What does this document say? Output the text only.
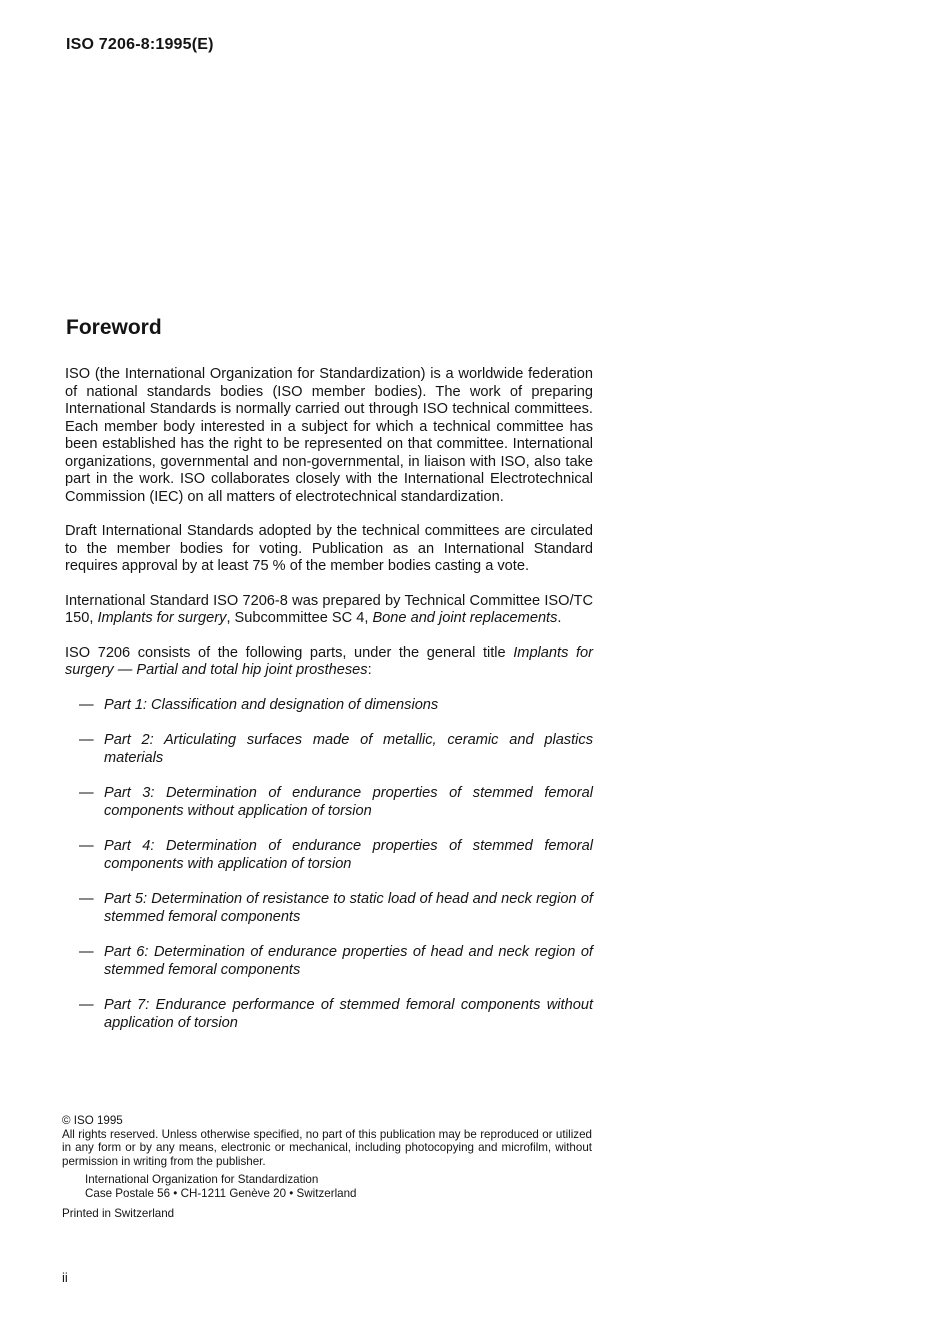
ISO 7206-8:1995(E)
Foreword

ISO (the International Organization for Standardization) is a worldwide federation of national standards bodies (ISO member bodies). The work of preparing International Standards is normally carried out through ISO technical committees. Each member body interested in a subject for which a technical committee has been established has the right to be represented on that committee. International organizations, governmental and non-governmental, in liaison with ISO, also take part in the work. ISO collaborates closely with the International Electrotechnical Commission (IEC) on all matters of electrotechnical standardization.

Draft International Standards adopted by the technical committees are circulated to the member bodies for voting. Publication as an International Standard requires approval by at least 75 % of the member bodies casting a vote.

International Standard ISO 7206-8 was prepared by Technical Committee ISO/TC 150, Implants for surgery, Subcommittee SC 4, Bone and joint replacements.

ISO 7206 consists of the following parts, under the general title Implants for surgery — Partial and total hip joint prostheses:

— Part 1: Classification and designation of dimensions
— Part 2: Articulating surfaces made of metallic, ceramic and plastics materials
— Part 3: Determination of endurance properties of stemmed femoral components without application of torsion
— Part 4: Determination of endurance properties of stemmed femoral components with application of torsion
— Part 5: Determination of resistance to static load of head and neck region of stemmed femoral components
— Part 6: Determination of endurance properties of head and neck region of stemmed femoral components
— Part 7: Endurance performance of stemmed femoral components without application of torsion
© ISO 1995
All rights reserved. Unless otherwise specified, no part of this publication may be reproduced or utilized in any form or by any means, electronic or mechanical, including photocopying and microfilm, without permission in writing from the publisher.
International Organization for Standardization
Case Postale 56 • CH-1211 Genève 20 • Switzerland
Printed in Switzerland
ii
